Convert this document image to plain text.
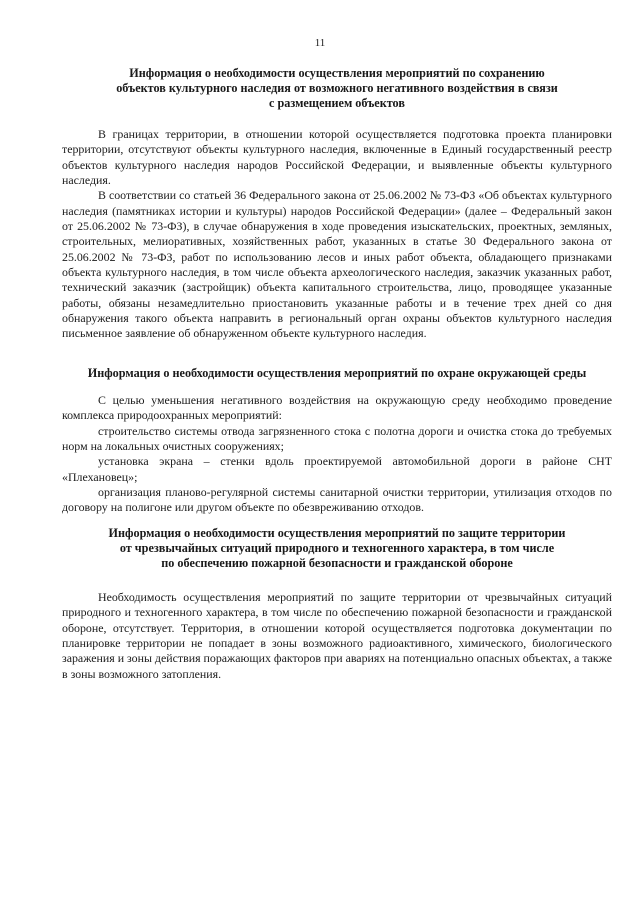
11
Информация о необходимости осуществления мероприятий по сохранению
объектов культурного наследия от возможного негативного воздействия в связи
с размещением объектов

В границах территории, в отношении которой осуществляется подготовка проекта планировки территории, отсутствуют объекты культурного наследия, включенные в Единый государственный реестр объектов культурного наследия народов Российской Федерации, и выявленные объекты культурного наследия.

В соответствии со статьей 36 Федерального закона от 25.06.2002 № 73-ФЗ «Об объектах культурного наследия (памятниках истории и культуры) народов Российской Федерации» (далее – Федеральный закон от 25.06.2002 № 73-ФЗ), в случае обнаружения в ходе проведения изыскательских, проектных, земляных, строительных, мелиоративных, хозяйственных работ, указанных в статье 30 Федерального закона от 25.06.2002 № 73-ФЗ, работ по использованию лесов и иных работ объекта, обладающего признаками объекта культурного наследия, в том числе объекта археологического наследия, заказчик указанных работ, технический заказчик (застройщик) объекта капитального строительства, лицо, проводящее указанные работы, обязаны незамедлительно приостановить указанные работы и в течение трех дней со дня обнаружения такого объекта направить в региональный орган охраны объектов культурного наследия письменное заявление об обнаруженном объекте культурного наследия.

Информация о необходимости осуществления мероприятий по охране окружающей среды

С целью уменьшения негативного воздействия на окружающую среду необходимо проведение комплекса природоохранных мероприятий:

строительство системы отвода загрязненного стока с полотна дороги и очистка стока до требуемых норм на локальных очистных сооружениях;

установка экрана – стенки вдоль проектируемой автомобильной дороги в районе СНТ «Плехановец»;

организация планово-регулярной системы санитарной очистки территории, утилизация отходов по договору на полигоне или другом объекте по обезвреживанию отходов.

Информация о необходимости осуществления мероприятий по защите территории
от чрезвычайных ситуаций природного и техногенного характера, в том числе
по обеспечению пожарной безопасности и гражданской обороне

Необходимость осуществления мероприятий по защите территории от чрезвычайных ситуаций природного и техногенного характера, в том числе по обеспечению пожарной безопасности и гражданской обороне, отсутствует. Территория, в отношении которой осуществляется подготовка документации по планировке территории не попадает в зоны возможного радиоактивного, химического, биологического заражения и зоны действия поражающих факторов при авариях на потенциально опасных объектах, а также в зоны возможного затопления.
